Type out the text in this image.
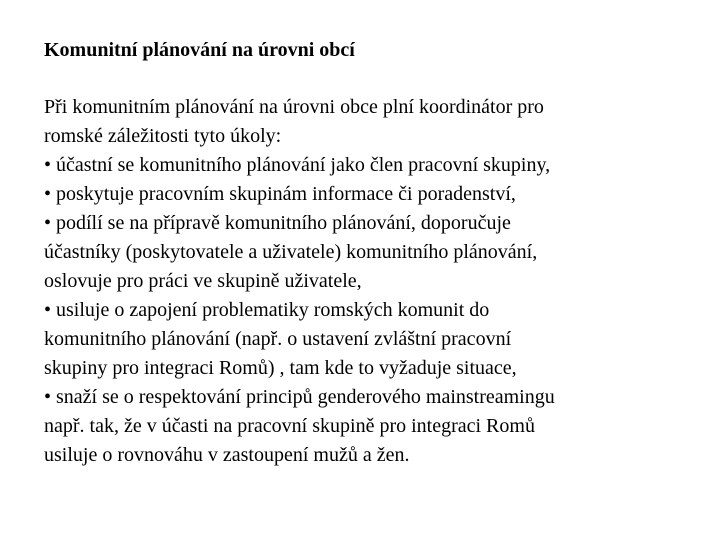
Komunitní plánování na úrovni obcí
Při komunitním plánování na úrovni obce plní koordinátor pro
romské záležitosti tyto úkoly:
• účastní se komunitního plánování jako člen pracovní skupiny,
• poskytuje pracovním skupinám informace či poradenství,
• podílí se na přípravě komunitního plánování, doporučuje
účastníky (poskytovatele a uživatele) komunitního plánování,
oslovuje pro práci ve skupině uživatele,
• usiluje o zapojení problematiky romských komunit do
komunitního plánování (např. o ustavení zvláštní pracovní
skupiny pro integraci Romů) , tam kde to vyžaduje situace,
• snaží se o respektování principů genderového mainstreamingu
např. tak, že v účasti na pracovní skupině pro integraci Romů
usiluje o rovnováhu v zastoupení mužů a žen.
